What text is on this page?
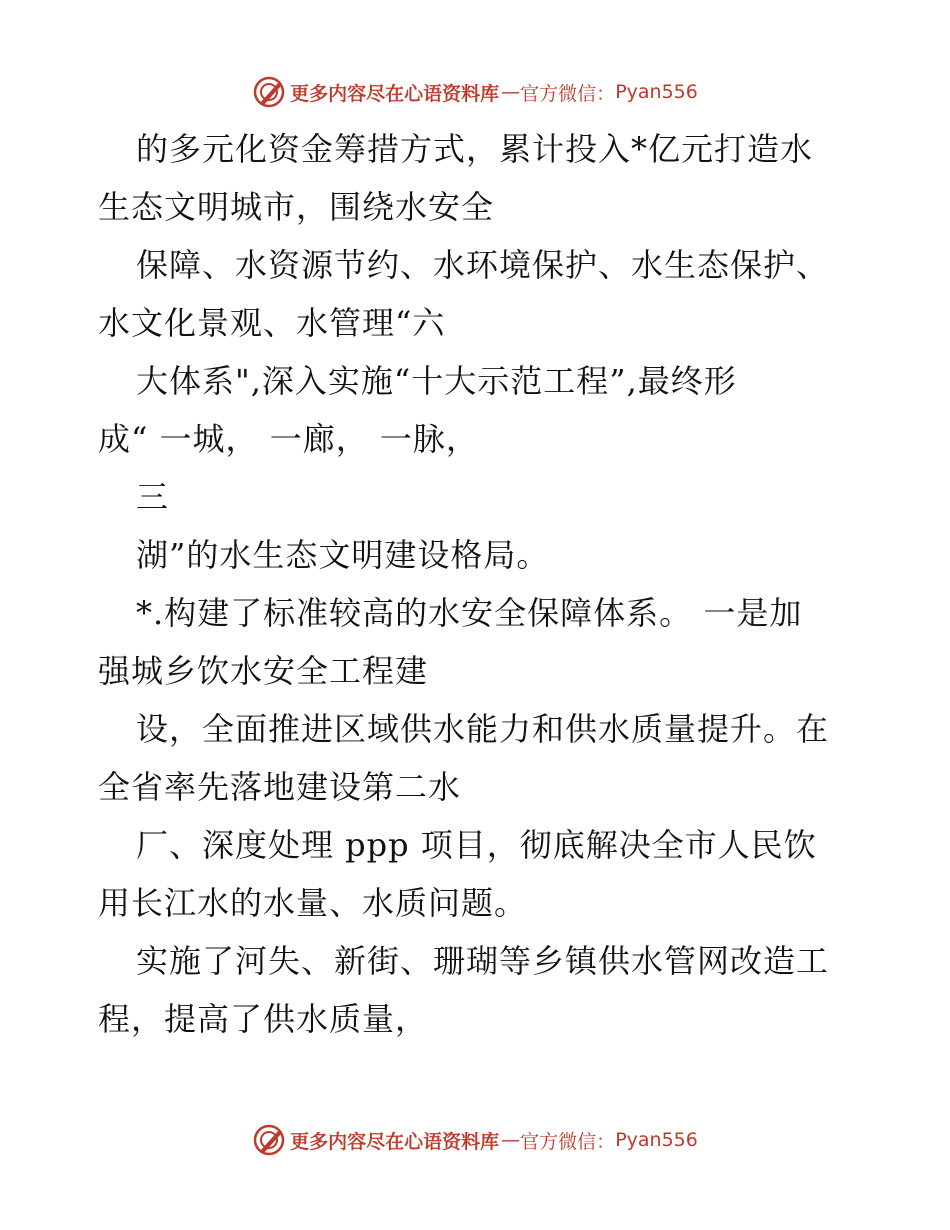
更多内容尽在心语资料库 — 官方微信： Pyan556
的多元化资金筹措方式，累计投入*亿元打造水
生态文明城市，围绕水安全
保障、水资源节约、水环境保护、水生态保护、
水文化景观、水管理“六
大体系",深入实施“十大示范工程”,最终形
成“ 一城， 一廊， 一脉，
三
湖”的水生态文明建设格局。
*.构建了标准较高的水安全保障体系。 一是加
强城乡饮水安全工程建
设，全面推进区域供水能力和供水质量提升。在
全省率先落地建设第二水
厂、深度处理 ppp 项目，彻底解决全市人民饮
用长江水的水量、水质问题。
实施了河失、新街、珊瑚等乡镇供水管网改造工
程，提高了供水质量，
更多内容尽在心语资料库 — 官方微信： Pyan556
